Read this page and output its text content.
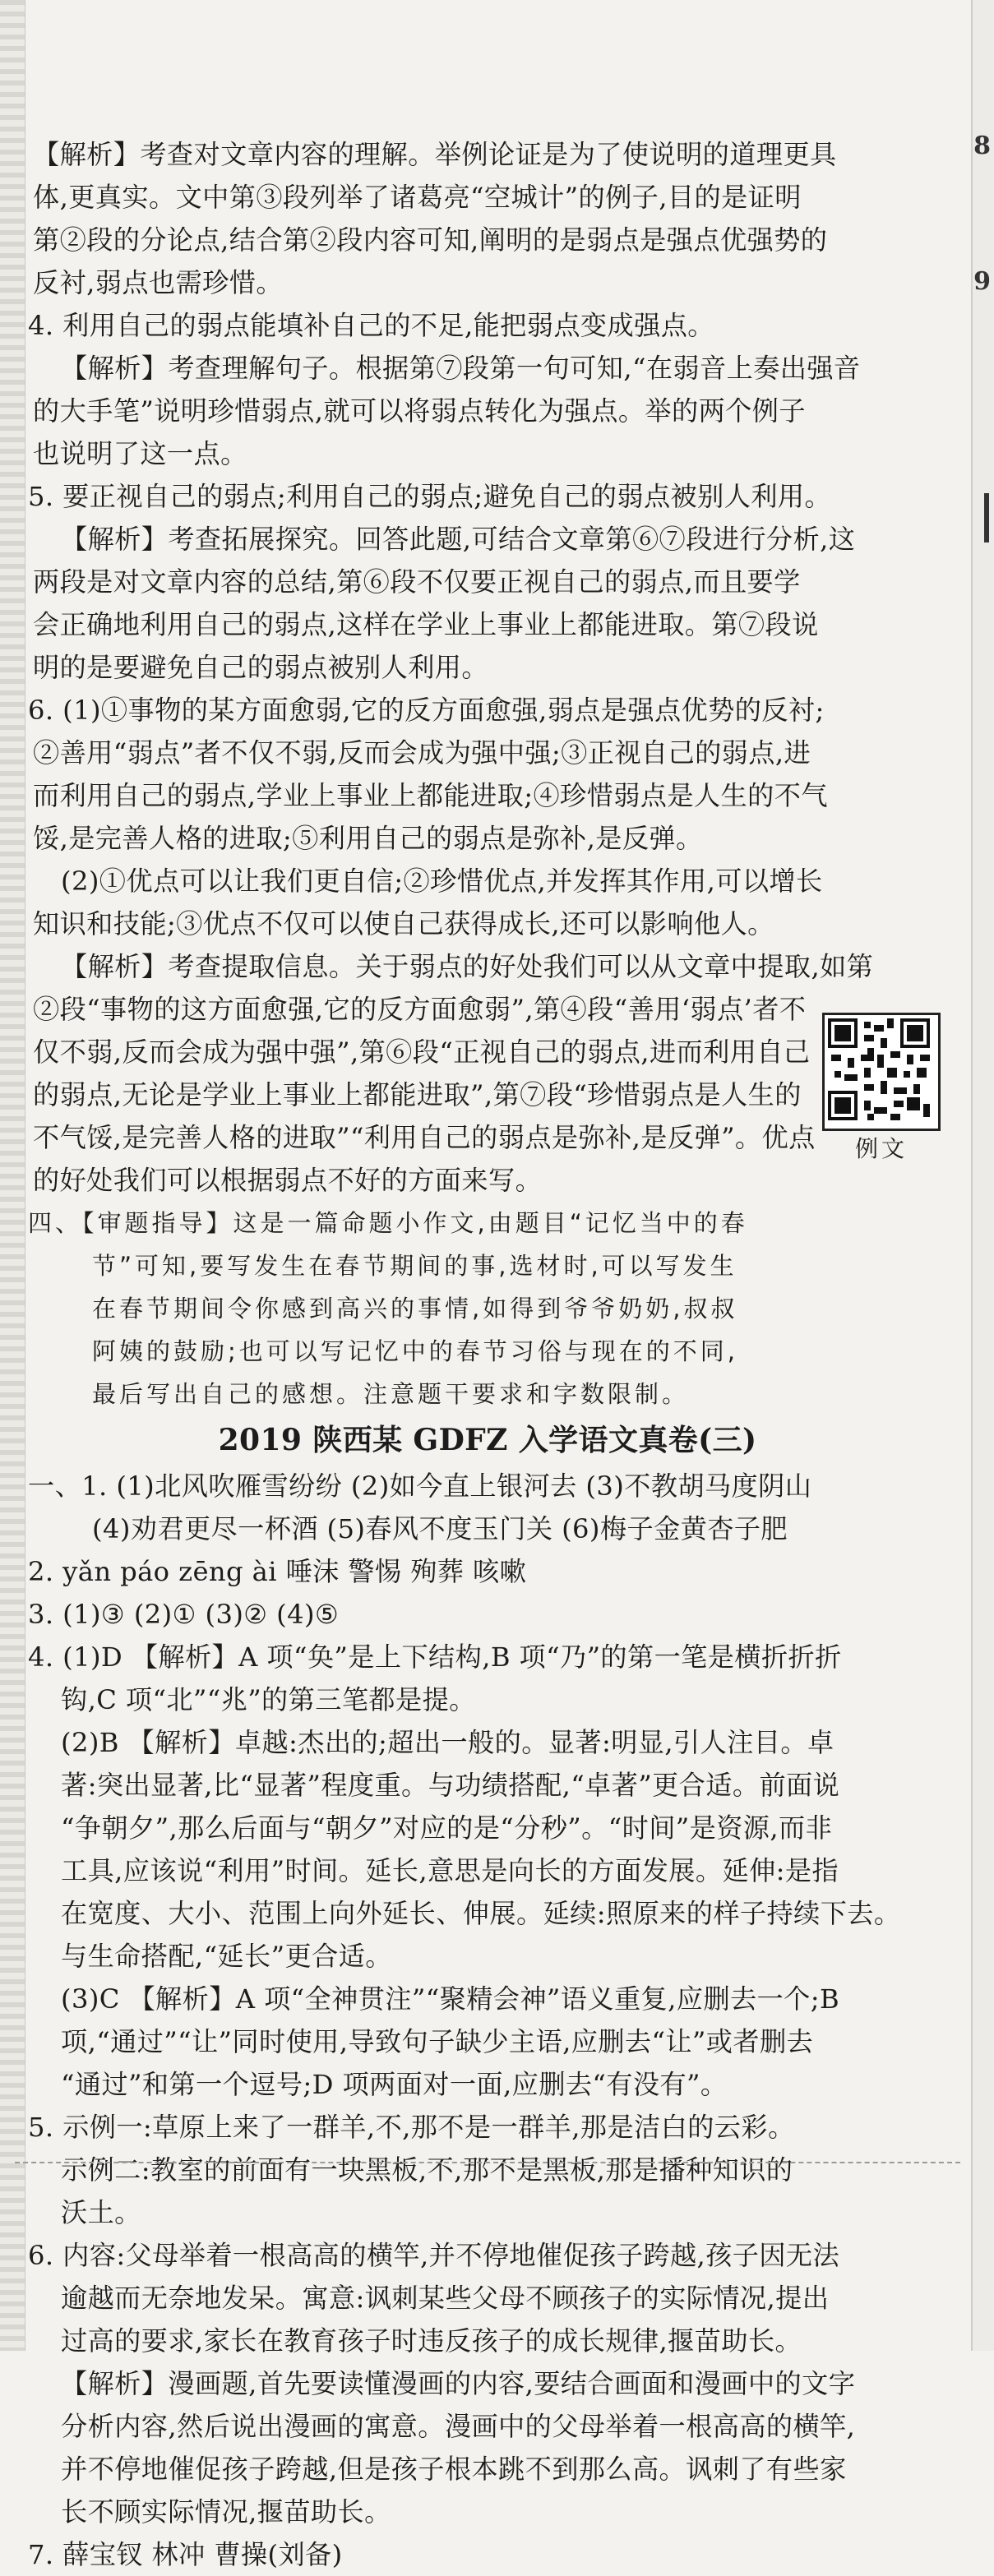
8
9
【解析】考查对文章内容的理解。举例论证是为了使说明的道理更具
体,更真实。文中第③段列举了诸葛亮“空城计”的例子,目的是证明
第②段的分论点,结合第②段内容可知,阐明的是弱点是强点优强势的
反衬,弱点也需珍惜。
4. 利用自己的弱点能填补自己的不足,能把弱点变成强点。
【解析】考查理解句子。根据第⑦段第一句可知,“在弱音上奏出强音
的大手笔”说明珍惜弱点,就可以将弱点转化为强点。举的两个例子
也说明了这一点。
5. 要正视自己的弱点;利用自己的弱点;避免自己的弱点被别人利用。
【解析】考查拓展探究。回答此题,可结合文章第⑥⑦段进行分析,这
两段是对文章内容的总结,第⑥段不仅要正视自己的弱点,而且要学
会正确地利用自己的弱点,这样在学业上事业上都能进取。第⑦段说
明的是要避免自己的弱点被别人利用。
6. (1)①事物的某方面愈弱,它的反方面愈强,弱点是强点优势的反衬;
②善用“弱点”者不仅不弱,反而会成为强中强;③正视自己的弱点,进
而利用自己的弱点,学业上事业上都能进取;④珍惜弱点是人生的不气
馁,是完善人格的进取;⑤利用自己的弱点是弥补,是反弹。
(2)①优点可以让我们更自信;②珍惜优点,并发挥其作用,可以增长
知识和技能;③优点不仅可以使自己获得成长,还可以影响他人。
【解析】考查提取信息。关于弱点的好处我们可以从文章中提取,如第
②段“事物的这方面愈强,它的反方面愈弱”,第④段“善用‘弱点’者不
仅不弱,反而会成为强中强”,第⑥段“正视自己的弱点,进而利用自己
的弱点,无论是学业上事业上都能进取”,第⑦段“珍惜弱点是人生的
不气馁,是完善人格的进取”“利用自己的弱点是弥补,是反弹”。优点
的好处我们可以根据弱点不好的方面来写。
四、【审题指导】这是一篇命题小作文,由题目“记忆当中的春
节”可知,要写发生在春节期间的事,选材时,可以写发生
在春节期间令你感到高兴的事情,如得到爷爷奶奶,叔叔
阿姨的鼓励;也可以写记忆中的春节习俗与现在的不同,
最后写出自己的感想。注意题干要求和字数限制。
2019 陕西某 GDFZ 入学语文真卷(三)
一、1. (1)北风吹雁雪纷纷 (2)如今直上银河去 (3)不教胡马度阴山
(4)劝君更尽一杯酒 (5)春风不度玉门关 (6)梅子金黄杏子肥
2. yǎn páo zēng ài 唾沫 警惕 殉葬 咳嗽
3. (1)③ (2)① (3)② (4)⑤
4. (1)D 【解析】A 项“奂”是上下结构,B 项“乃”的第一笔是横折折折
钩,C 项“北”“兆”的第三笔都是提。
(2)B 【解析】卓越:杰出的;超出一般的。显著:明显,引人注目。卓
著:突出显著,比“显著”程度重。与功绩搭配,“卓著”更合适。前面说
“争朝夕”,那么后面与“朝夕”对应的是“分秒”。“时间”是资源,而非
工具,应该说“利用”时间。延长,意思是向长的方面发展。延伸:是指
在宽度、大小、范围上向外延长、伸展。延续:照原来的样子持续下去。
与生命搭配,“延长”更合适。
(3)C 【解析】A 项“全神贯注”“聚精会神”语义重复,应删去一个;B
项,“通过”“让”同时使用,导致句子缺少主语,应删去“让”或者删去
“通过”和第一个逗号;D 项两面对一面,应删去“有没有”。
5. 示例一:草原上来了一群羊,不,那不是一群羊,那是洁白的云彩。
示例二:教室的前面有一块黑板,不,那不是黑板,那是播种知识的
沃土。
6. 内容:父母举着一根高高的横竿,并不停地催促孩子跨越,孩子因无法
逾越而无奈地发呆。寓意:讽刺某些父母不顾孩子的实际情况,提出
过高的要求,家长在教育孩子时违反孩子的成长规律,揠苗助长。
【解析】漫画题,首先要读懂漫画的内容,要结合画面和漫画中的文字
分析内容,然后说出漫画的寓意。漫画中的父母举着一根高高的横竿,
并不停地催促孩子跨越,但是孩子根本跳不到那么高。讽刺了有些家
长不顾实际情况,揠苗助长。
7. 薛宝钗 林冲 曹操(刘备)
例文
